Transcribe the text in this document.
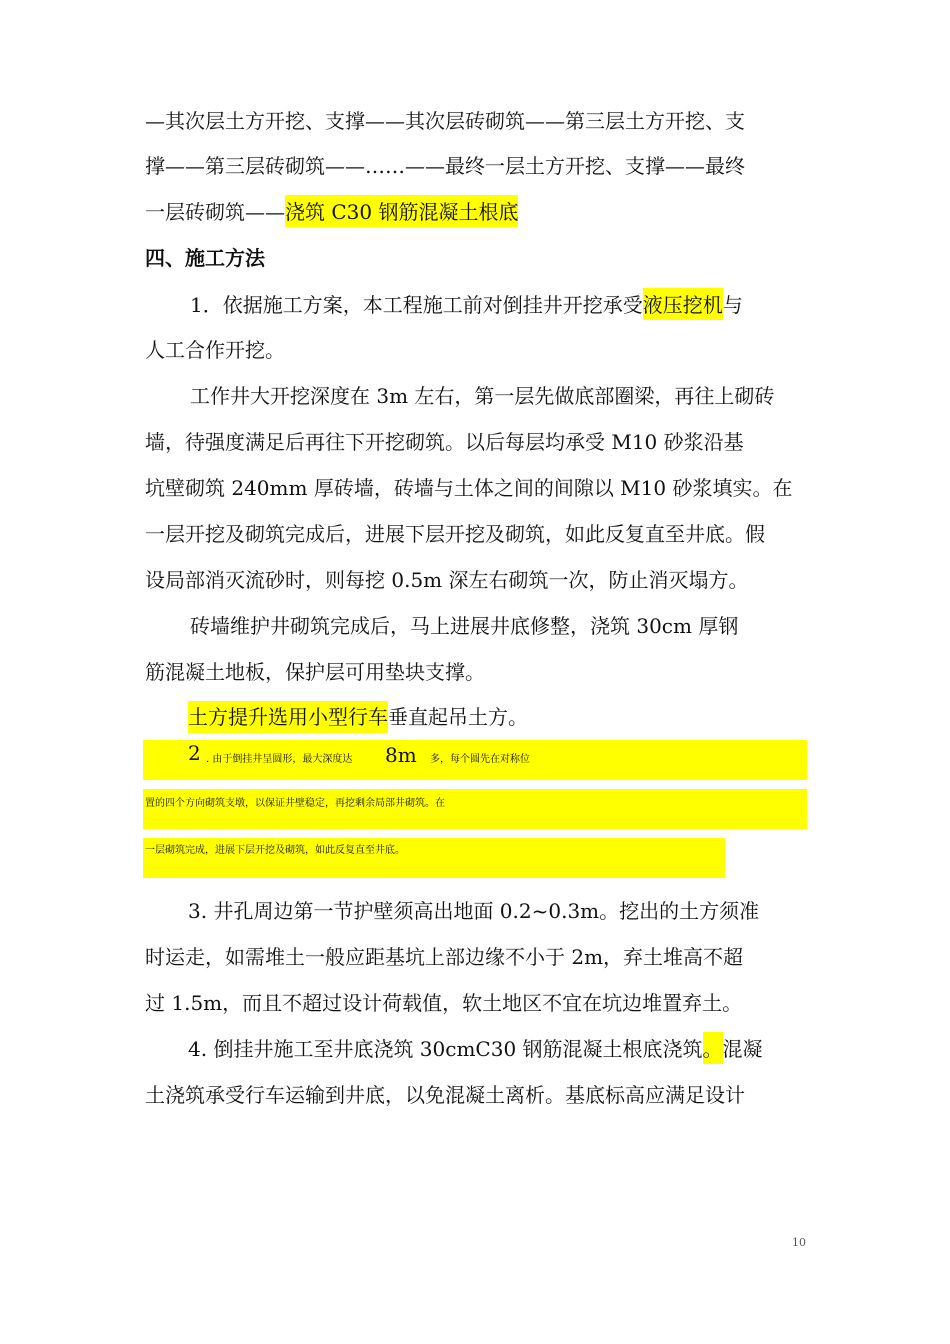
—其次层土方开挖、支撑——其次层砖砌筑——第三层土方开挖、支
撑——第三层砖砌筑——……——最终一层土方开挖、支撑——最终
一层砖砌筑——浇筑 C30 钢筋混凝土根底
四、施工方法
1．依据施工方案，本工程施工前对倒挂井开挖承受液压挖机与
人工合作开挖。
工作井大开挖深度在 3m 左右，第一层先做底部圈梁，再往上砌砖
墙，待强度满足后再往下开挖砌筑。以后每层均承受 M10 砂浆沿基
坑壁砌筑 240mm 厚砖墙，砖墙与土体之间的间隙以 M10 砂浆填实。在
一层开挖及砌筑完成后，进展下层开挖及砌筑，如此反复直至井底。假
设局部消灭流砂时，则每挖 0.5m 深左右砌筑一次，防止消灭塌方。
砖墙维护井砌筑完成后，马上进展井底修整，浇筑 30cm 厚钢
筋混凝土地板，保护层可用垫块支撑。
土方提升选用小型行车垂直起吊土方。
2 . 由于倒挂井呈圆形，最大深度达 8m 多，每个圆先在对称位
置的四个方向砌筑支墩，以保证井壁稳定，再挖剩余局部井砌筑。在
一层砌筑完成，进展下层开挖及砌筑，如此反复直至井底。
3. 井孔周边第一节护壁须高出地面 0.2~0.3m。挖出的土方须准
时运走，如需堆土一般应距基坑上部边缘不小于 2m，弃土堆高不超
过 1.5m，而且不超过设计荷载值，软土地区不宜在坑边堆置弃土。
4. 倒挂井施工至井底浇筑 30cmC30 钢筋混凝土根底浇筑。混凝
土浇筑承受行车运输到井底，以免混凝土离析。基底标高应满足设计
10
